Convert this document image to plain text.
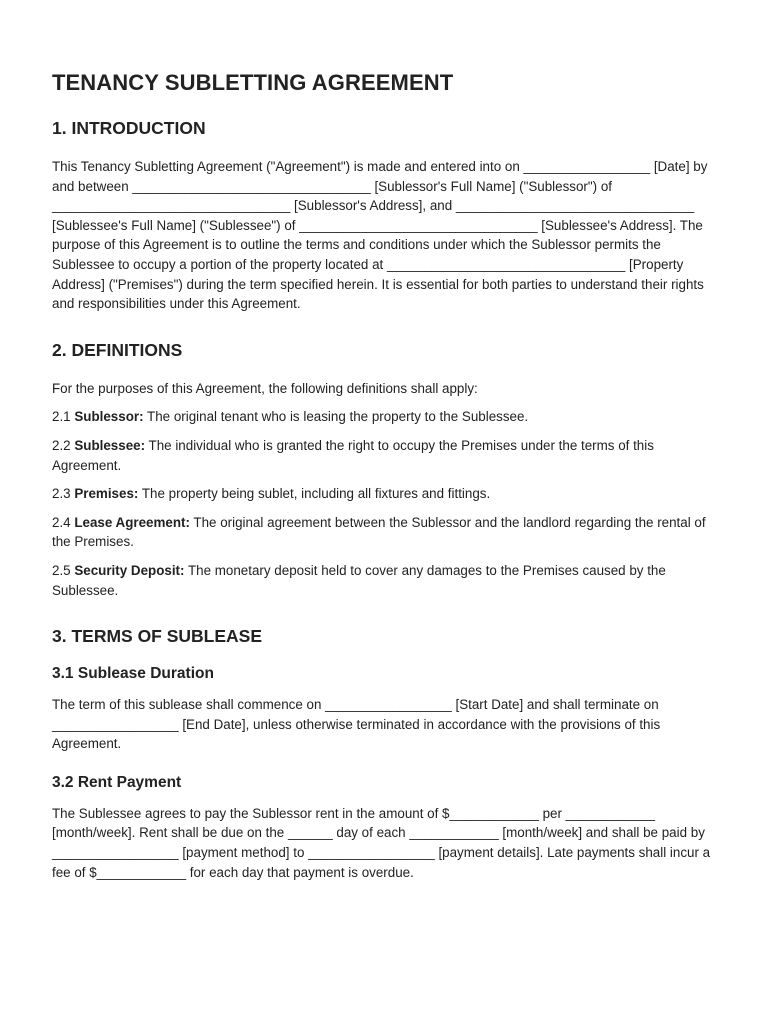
TENANCY SUBLETTING AGREEMENT
1. INTRODUCTION

This Tenancy Subletting Agreement ("Agreement") is made and entered into on _________________ [Date] by and between ________________________________ [Sublessor's Full Name] ("Sublessor") of ________________________________ [Sublessor's Address], and ________________________________ [Sublessee's Full Name] ("Sublessee") of ________________________________ [Sublessee's Address]. The purpose of this Agreement is to outline the terms and conditions under which the Sublessor permits the Sublessee to occupy a portion of the property located at ________________________________ [Property Address] ("Premises") during the term specified herein. It is essential for both parties to understand their rights and responsibilities under this Agreement.

2. DEFINITIONS

For the purposes of this Agreement, the following definitions shall apply:

2.1 Sublessor: The original tenant who is leasing the property to the Sublessee.

2.2 Sublessee: The individual who is granted the right to occupy the Premises under the terms of this Agreement.

2.3 Premises: The property being sublet, including all fixtures and fittings.

2.4 Lease Agreement: The original agreement between the Sublessor and the landlord regarding the rental of the Premises.

2.5 Security Deposit: The monetary deposit held to cover any damages to the Premises caused by the Sublessee.

3. TERMS OF SUBLEASE
3.1 Sublease Duration

The term of this sublease shall commence on _________________ [Start Date] and shall terminate on _________________ [End Date], unless otherwise terminated in accordance with the provisions of this Agreement.

3.2 Rent Payment

The Sublessee agrees to pay the Sublessor rent in the amount of $____________ per ____________ [month/week]. Rent shall be due on the ______ day of each ____________ [month/week] and shall be paid by _________________ [payment method] to _________________ [payment details]. Late payments shall incur a fee of $____________ for each day that payment is overdue.
